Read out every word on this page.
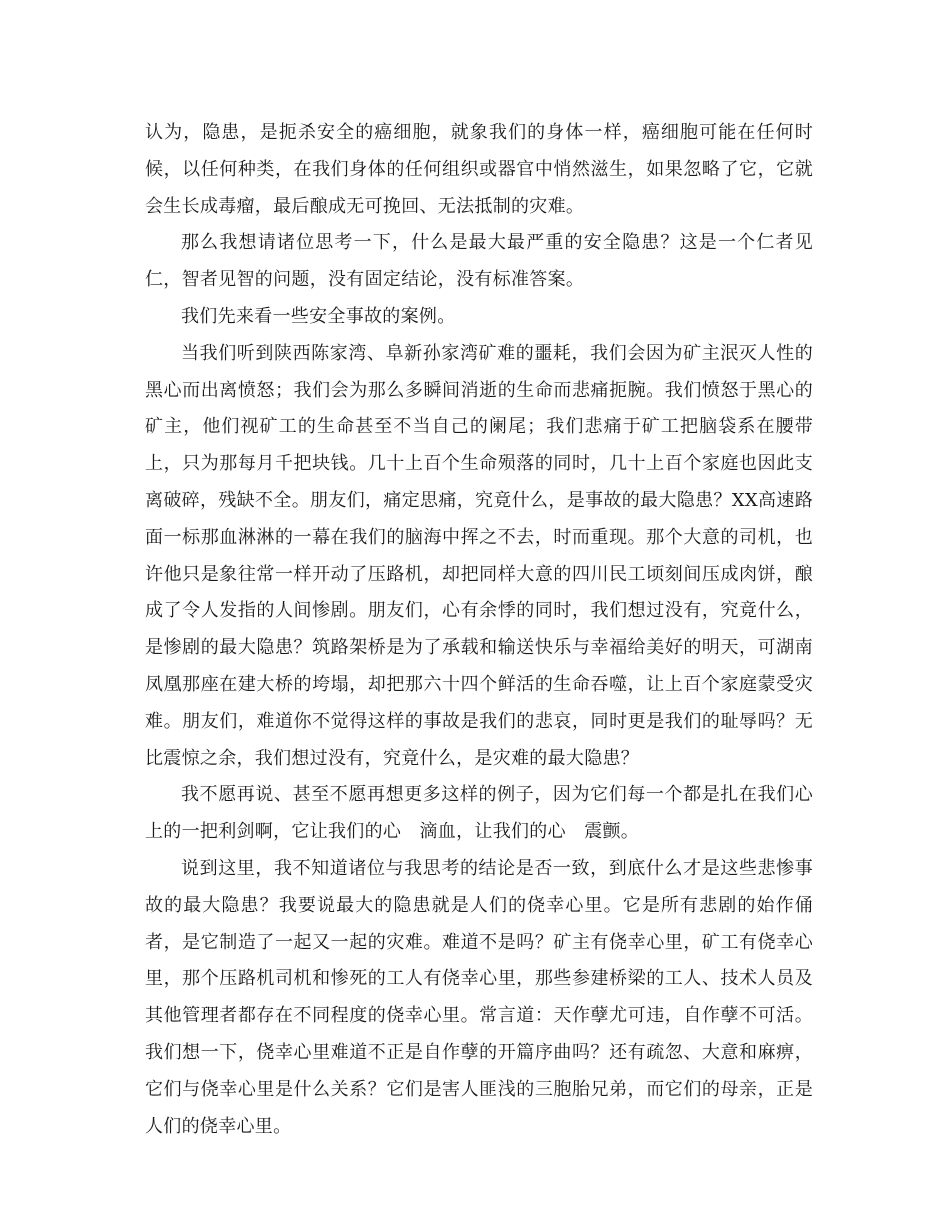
认为，隐患，是扼杀安全的癌细胞，就象我们的身体一样，癌细胞可能在任何时候，以任何种类，在我们身体的任何组织或器官中悄然滋生，如果忽略了它，它就会生长成毒瘤，最后酿成无可挽回、无法抵制的灾难。

那么我想请诸位思考一下，什么是最大最严重的安全隐患？这是一个仁者见仁，智者见智的问题，没有固定结论，没有标准答案。

我们先来看一些安全事故的案例。

当我们听到陕西陈家湾、阜新孙家湾矿难的噩耗，我们会因为矿主泯灭人性的黑心而出离愤怒；我们会为那么多瞬间消逝的生命而悲痛扼腕。我们愤怒于黑心的矿主，他们视矿工的生命甚至不当自己的阑尾；我们悲痛于矿工把脑袋系在腰带上，只为那每月千把块钱。几十上百个生命殒落的同时，几十上百个家庭也因此支离破碎，残缺不全。朋友们，痛定思痛，究竟什么，是事故的最大隐患？XX高速路面一标那血淋淋的一幕在我们的脑海中挥之不去，时而重现。那个大意的司机，也许他只是象往常一样开动了压路机，却把同样大意的四川民工顷刻间压成肉饼，酿成了令人发指的人间惨剧。朋友们，心有余悸的同时，我们想过没有，究竟什么，是惨剧的最大隐患？筑路架桥是为了承载和输送快乐与幸福给美好的明天，可湖南凤凰那座在建大桥的垮塌，却把那六十四个鲜活的生命吞噬，让上百个家庭蒙受灾难。朋友们，难道你不觉得这样的事故是我们的悲哀，同时更是我们的耻辱吗？无比震惊之余，我们想过没有，究竟什么，是灾难的最大隐患？

我不愿再说、甚至不愿再想更多这样的例子，因为它们每一个都是扎在我们心上的一把利剑啊，它让我们的心　滴血，让我们的心　震颤。

说到这里，我不知道诸位与我思考的结论是否一致，到底什么才是这些悲惨事故的最大隐患？我要说最大的隐患就是人们的侥幸心里。它是所有悲剧的始作俑者，是它制造了一起又一起的灾难。难道不是吗？矿主有侥幸心里，矿工有侥幸心里，那个压路机司机和惨死的工人有侥幸心里，那些参建桥梁的工人、技术人员及其他管理者都存在不同程度的侥幸心里。常言道：天作孽尤可违，自作孽不可活。我们想一下，侥幸心里难道不正是自作孽的开篇序曲吗？还有疏忽、大意和麻痹，它们与侥幸心里是什么关系？它们是害人匪浅的三胞胎兄弟，而它们的母亲，正是　人们的侥幸心里。
